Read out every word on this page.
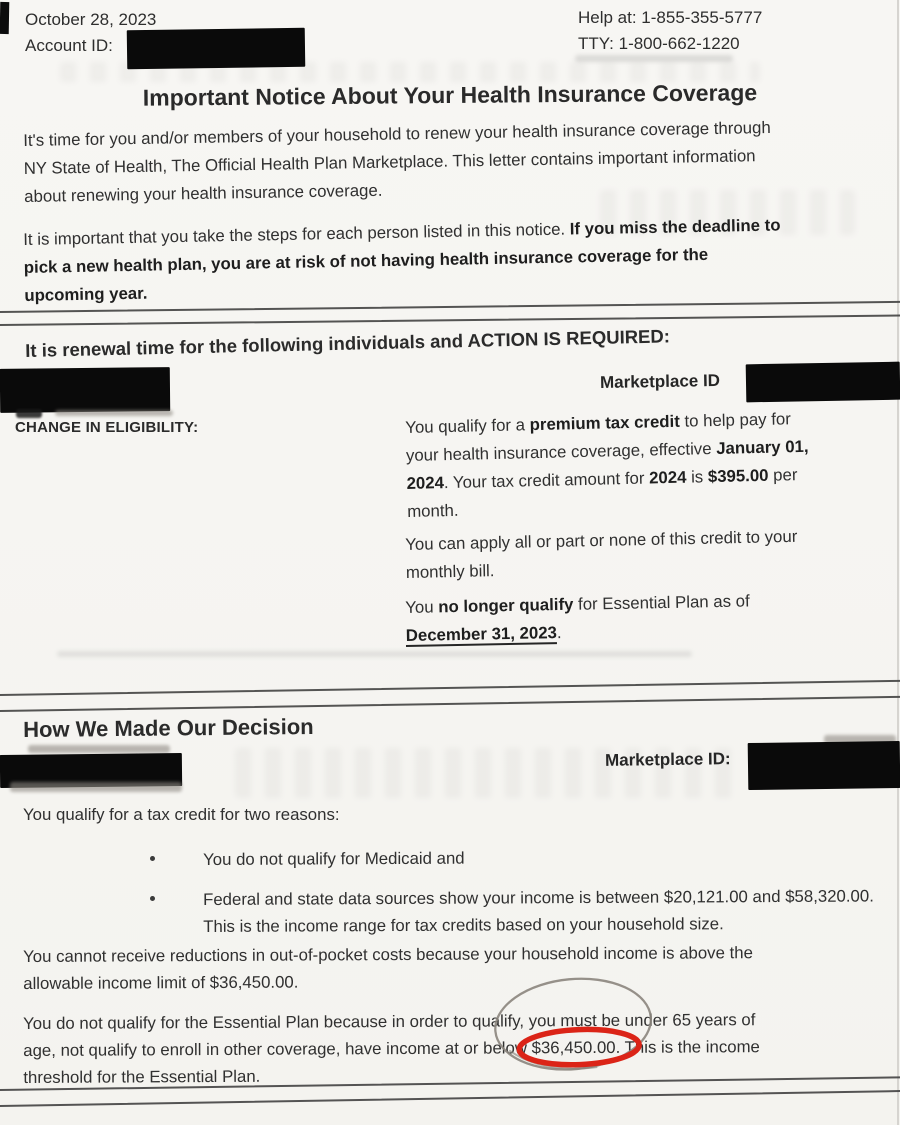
October 28, 2023
Account ID:
Help at: 1-855-355-5777
TTY: 1-800-662-1220
Important Notice About Your Health Insurance Coverage
It's time for you and/or members of your household to renew your health insurance coverage through
NY State of Health, The Official Health Plan Marketplace. This letter contains important information
about renewing your health insurance coverage.
It is important that you take the steps for each person listed in this notice. If you miss the deadline to
pick a new health plan, you are at risk of not having health insurance coverage for the
upcoming year.
It is renewal time for the following individuals and ACTION IS REQUIRED:
Marketplace ID
CHANGE IN ELIGIBILITY:	You qualify for a premium tax credit to help pay for
your health insurance coverage, effective January 01,
2024. Your tax credit amount for 2024 is $395.00 per
month.
You can apply all or part or none of this credit to your
monthly bill.
You no longer qualify for Essential Plan as of
December 31, 2023.
How We Made Our Decision
Marketplace ID:
You qualify for a tax credit for two reasons:
You do not qualify for Medicaid and
Federal and state data sources show your income is between $20,121.00 and $58,320.00.
This is the income range for tax credits based on your household size.
You cannot receive reductions in out-of-pocket costs because your household income is above the
allowable income limit of $36,450.00.
You do not qualify for the Essential Plan because in order to qualify, you must be under 65 years of
age, not qualify to enroll in other coverage, have income at or below $36,450.00.
This is the income
threshold for the Essential Plan.
